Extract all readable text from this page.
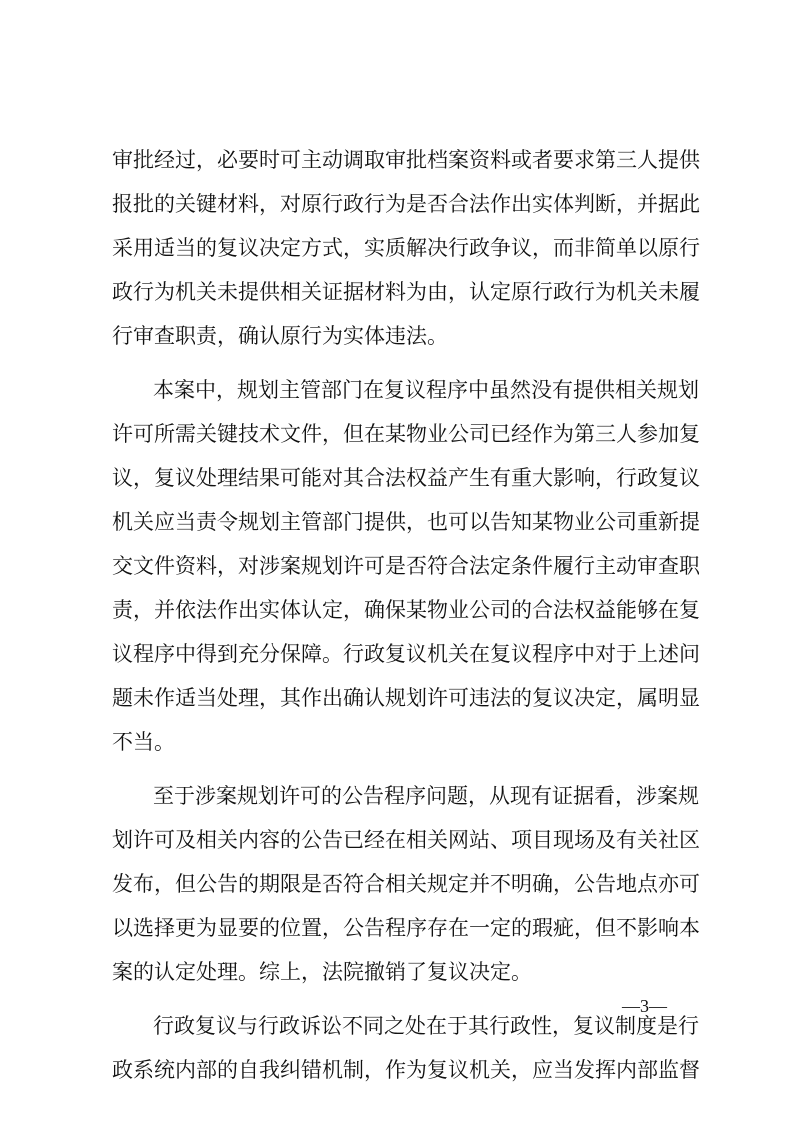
审批经过，必要时可主动调取审批档案资料或者要求第三人提供
报批的关键材料，对原行政行为是否合法作出实体判断，并据此
采用适当的复议决定方式，实质解决行政争议，而非简单以原行
政行为机关未提供相关证据材料为由，认定原行政行为机关未履
行审查职责，确认原行为实体违法。
本案中，规划主管部门在复议程序中虽然没有提供相关规划
许可所需关键技术文件，但在某物业公司已经作为第三人参加复
议，复议处理结果可能对其合法权益产生有重大影响，行政复议
机关应当责令规划主管部门提供，也可以告知某物业公司重新提
交文件资料，对涉案规划许可是否符合法定条件履行主动审查职
责，并依法作出实体认定，确保某物业公司的合法权益能够在复
议程序中得到充分保障。行政复议机关在复议程序中对于上述问
题未作适当处理，其作出确认规划许可违法的复议决定，属明显
不当。
至于涉案规划许可的公告程序问题，从现有证据看，涉案规
划许可及相关内容的公告已经在相关网站、项目现场及有关社区
发布，但公告的期限是否符合相关规定并不明确，公告地点亦可
以选择更为显要的位置，公告程序存在一定的瑕疵，但不影响本
案的认定处理。综上，法院撤销了复议决定。
行政复议与行政诉讼不同之处在于其行政性，复议制度是行
政系统内部的自我纠错机制，作为复议机关，应当发挥内部监督
—3—
